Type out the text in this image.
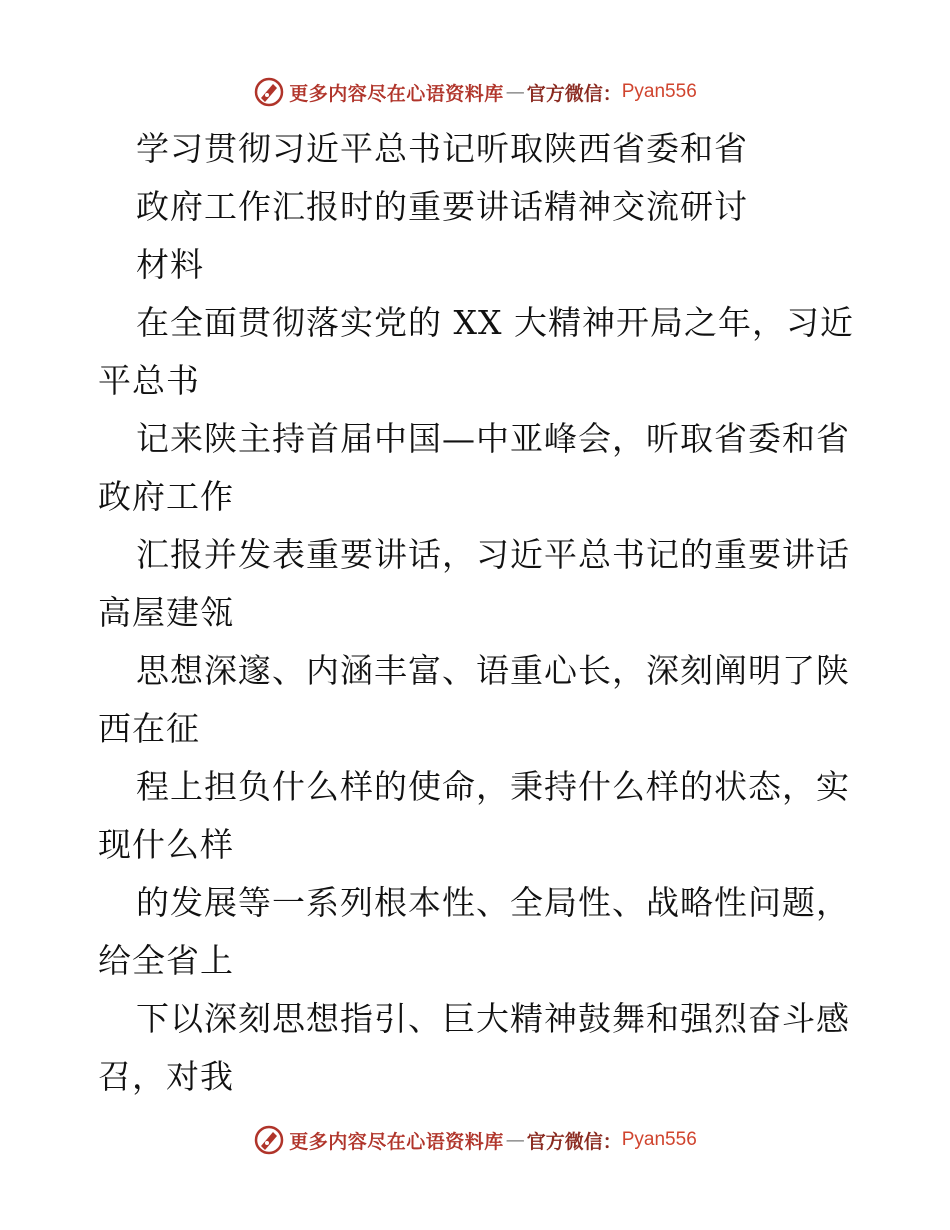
更多内容尽在心语资料库 — 官方微信： Pyan556
学习贯彻习近平总书记听取陕西省委和省
政府工作汇报时的重要讲话精神交流研讨
材料
在全面贯彻落实党的 XX 大精神开局之年，习近
平总书
记来陕主持首届中国—中亚峰会，听取省委和省
政府工作
汇报并发表重要讲话，习近平总书记的重要讲话
高屋建瓴
思想深邃、内涵丰富、语重心长，深刻阐明了陕
西在征
程上担负什么样的使命，秉持什么样的状态，实
现什么样
的发展等一系列根本性、全局性、战略性问题，
给全省上
下以深刻思想指引、巨大精神鼓舞和强烈奋斗感
召，对我
更多内容尽在心语资料库 — 官方微信： Pyan556
